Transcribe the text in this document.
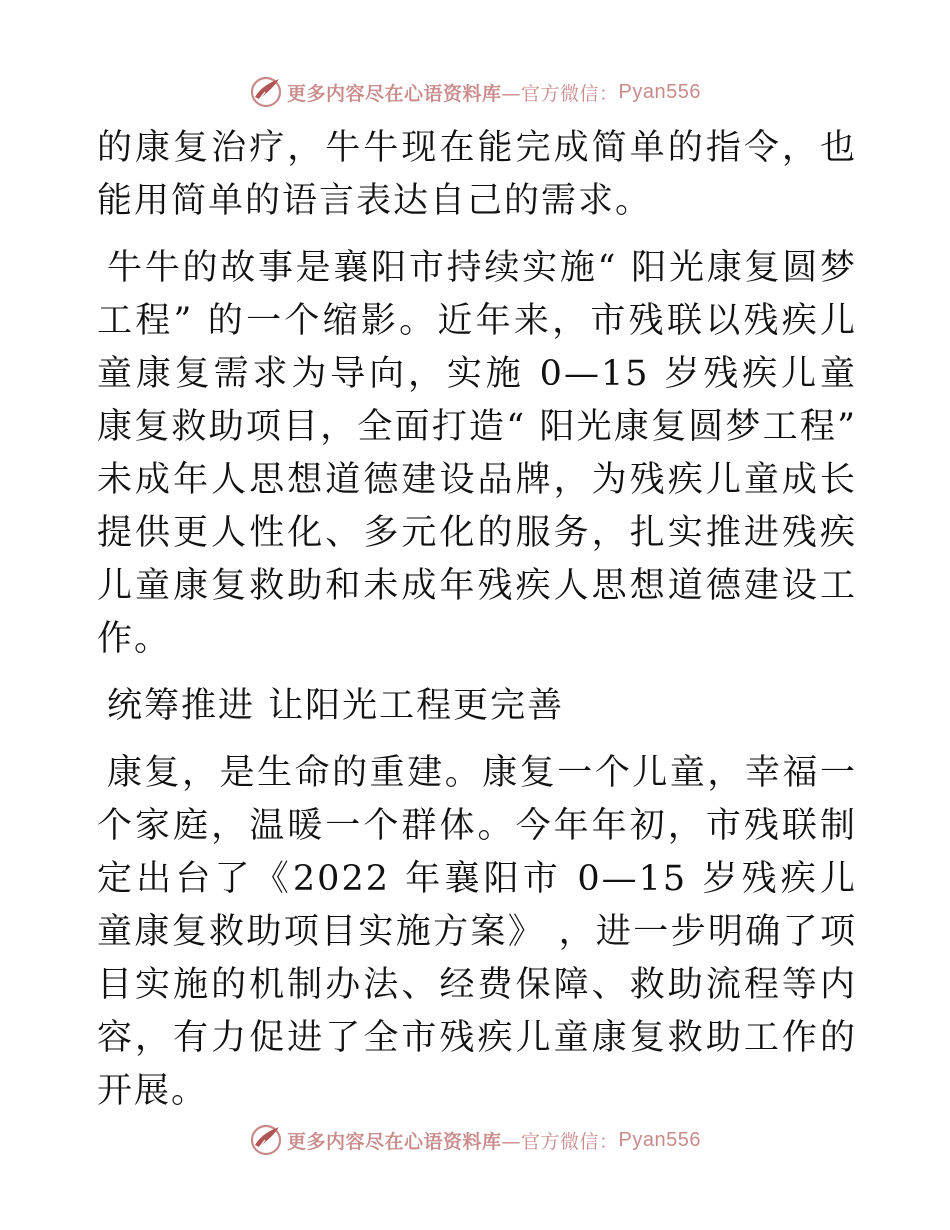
更多内容尽在心语资料库 —官方微信： Pyan556

的康复治疗，牛牛现在能完成简单的指令，也能用简单的语言表达自己的需求。

牛牛的故事是襄阳市持续实施“ 阳光康复圆梦工程” 的一个缩影。近年来，市残联以残疾儿童康复需求为导向，实施 0—15 岁残疾儿童康复救助项目，全面打造“ 阳光康复圆梦工程” 未成年人思想道德建设品牌，为残疾儿童成长提供更人性化、多元化的服务，扎实推进残疾儿童康复救助和未成年残疾人思想道德建设工作。

统筹推进 让阳光工程更完善

康复，是生命的重建。康复一个儿童，幸福一个家庭，温暖一个群体。今年年初，市残联制定出台了《2022 年襄阳市 0—15 岁残疾儿童康复救助项目实施方案》 ，进一步明确了项目实施的机制办法、经费保障、救助流程等内容，有力促进了全市残疾儿童康复救助工作的开展。

更多内容尽在心语资料库 —官方微信： Pyan556
